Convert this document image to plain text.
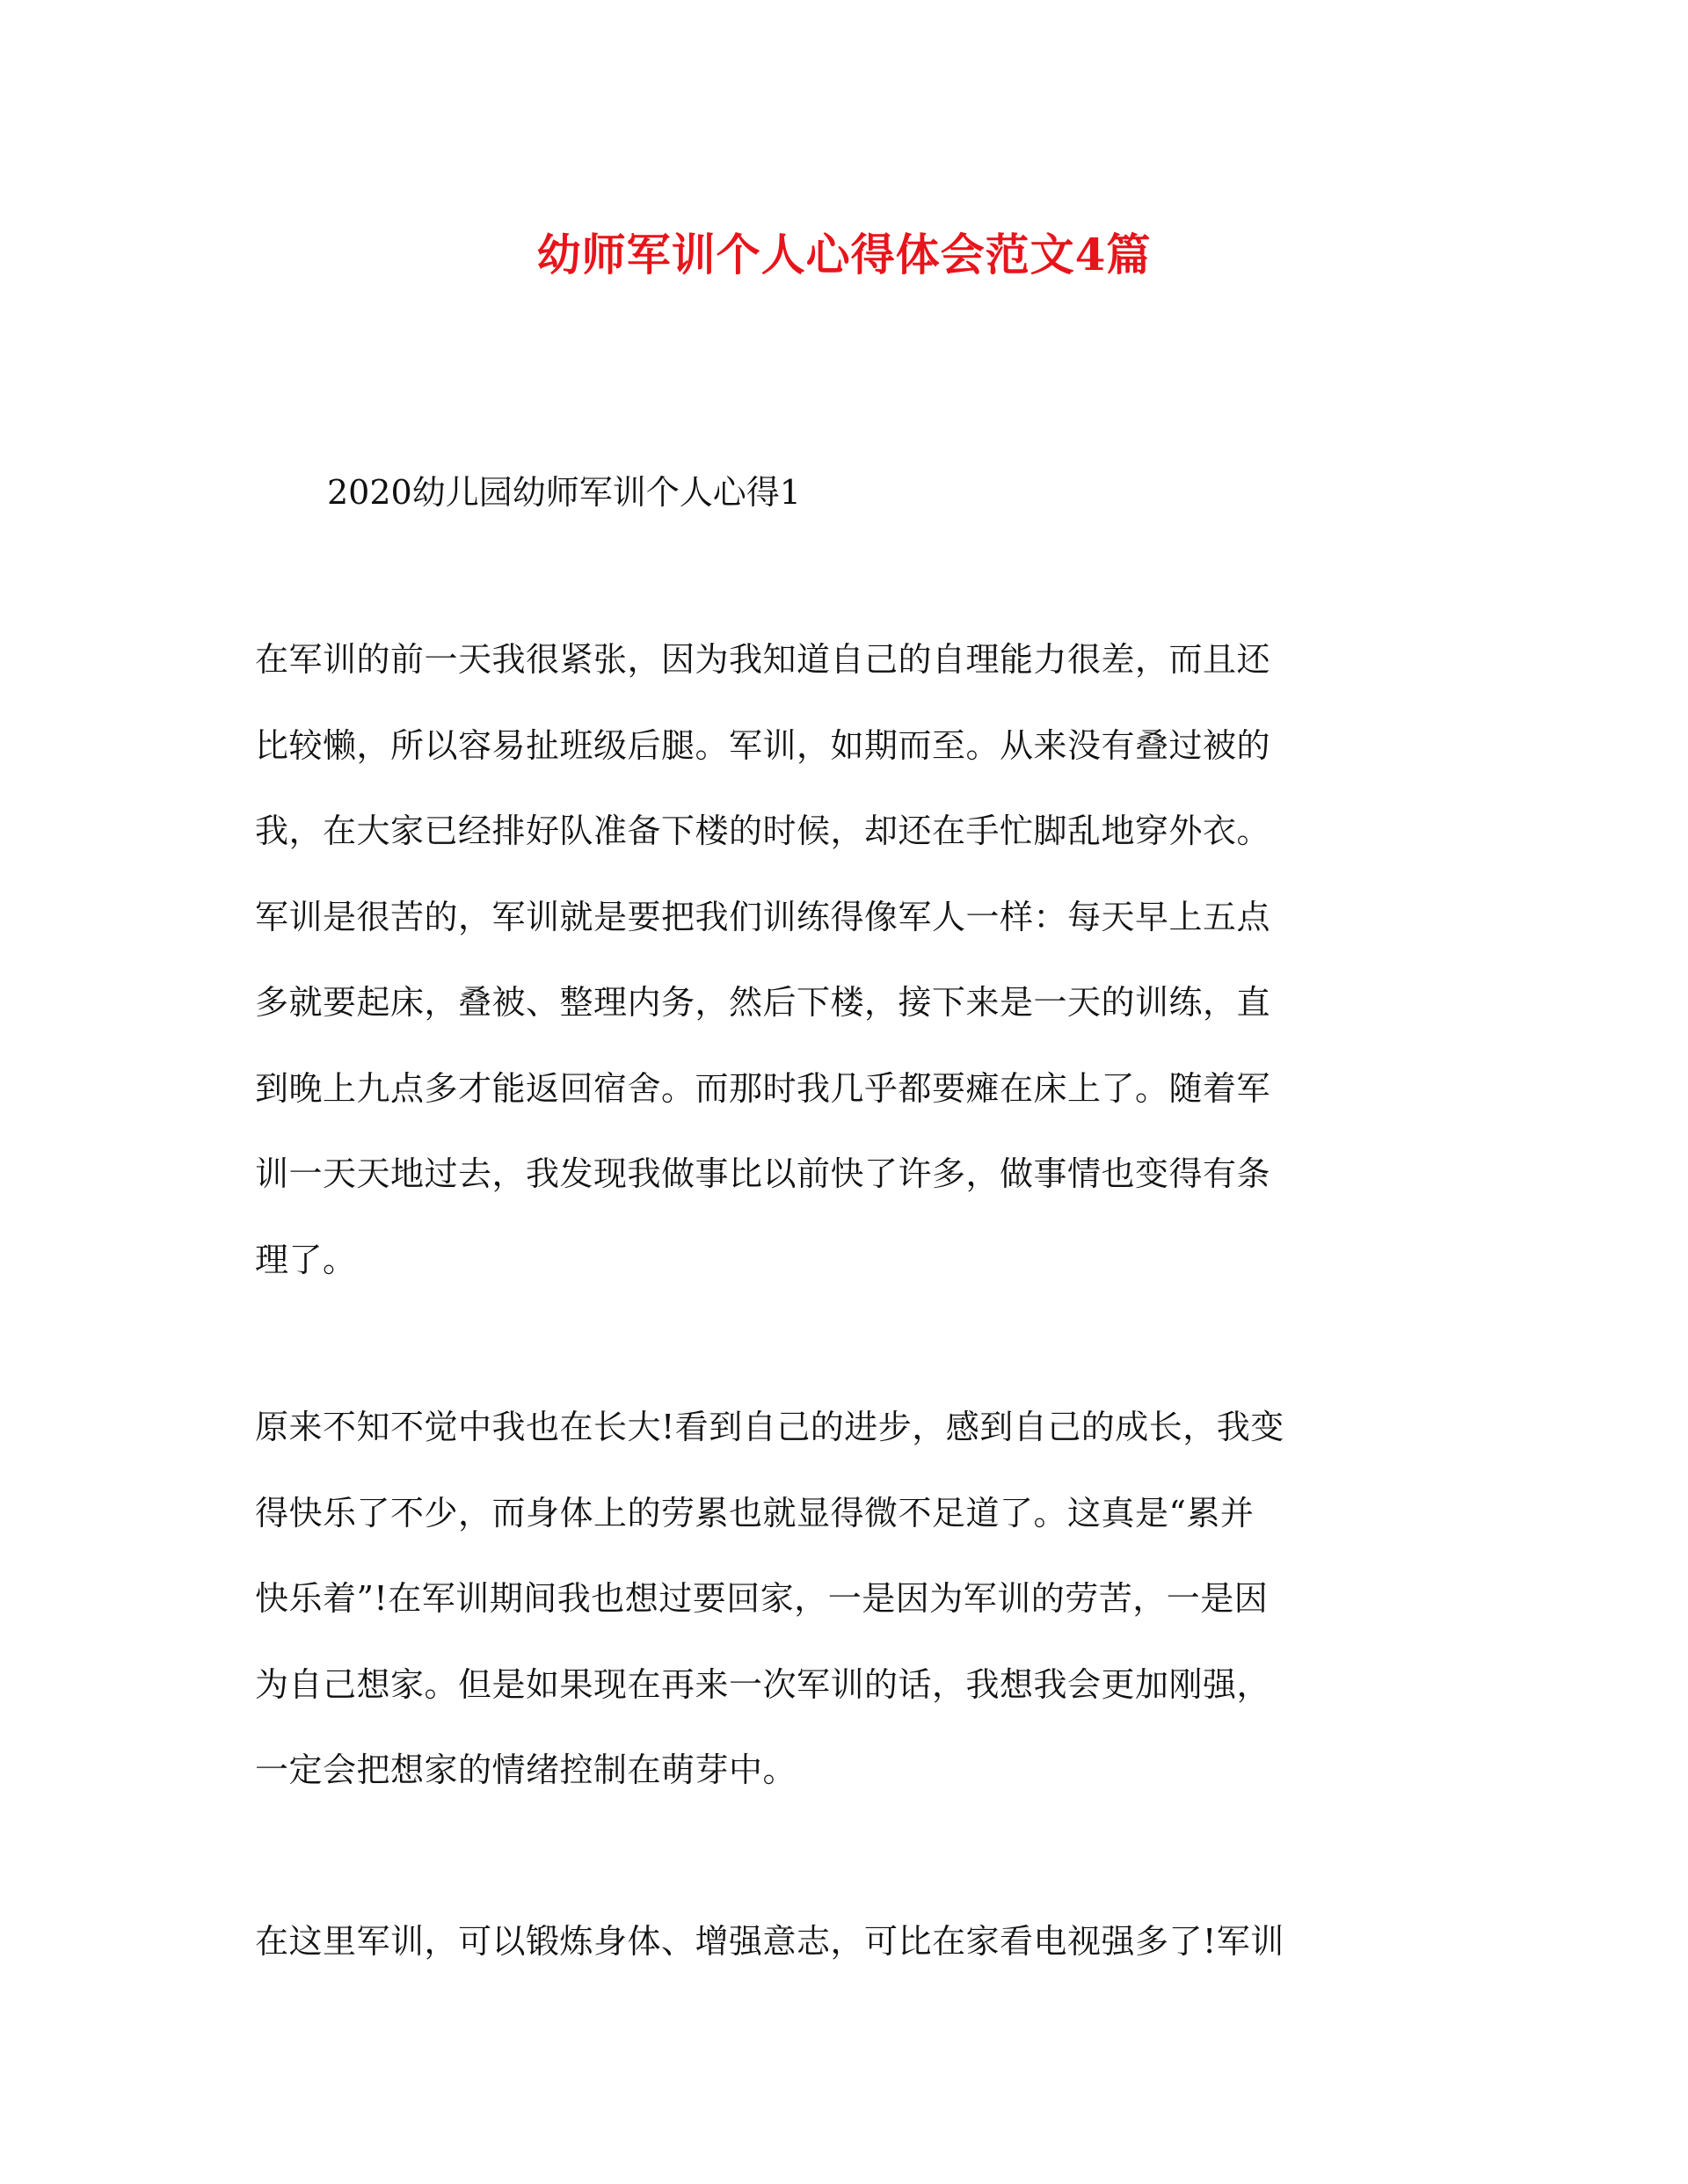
幼师军训个人心得体会范文4篇
2020幼儿园幼师军训个人心得1
在军训的前一天我很紧张，因为我知道自己的自理能力很差，而且还
比较懒，所以容易扯班级后腿。军训，如期而至。从来没有叠过被的
我，在大家已经排好队准备下楼的时候，却还在手忙脚乱地穿外衣。
军训是很苦的，军训就是要把我们训练得像军人一样：每天早上五点
多就要起床，叠被、整理内务，然后下楼，接下来是一天的训练，直
到晚上九点多才能返回宿舍。而那时我几乎都要瘫在床上了。随着军
训一天天地过去，我发现我做事比以前快了许多，做事情也变得有条
理了。
原来不知不觉中我也在长大!看到自己的进步，感到自己的成长，我变
得快乐了不少，而身体上的劳累也就显得微不足道了。这真是“累并
快乐着”!在军训期间我也想过要回家，一是因为军训的劳苦，一是因
为自己想家。但是如果现在再来一次军训的话，我想我会更加刚强，
一定会把想家的情绪控制在萌芽中。
在这里军训，可以锻炼身体、增强意志，可比在家看电视强多了!军训
